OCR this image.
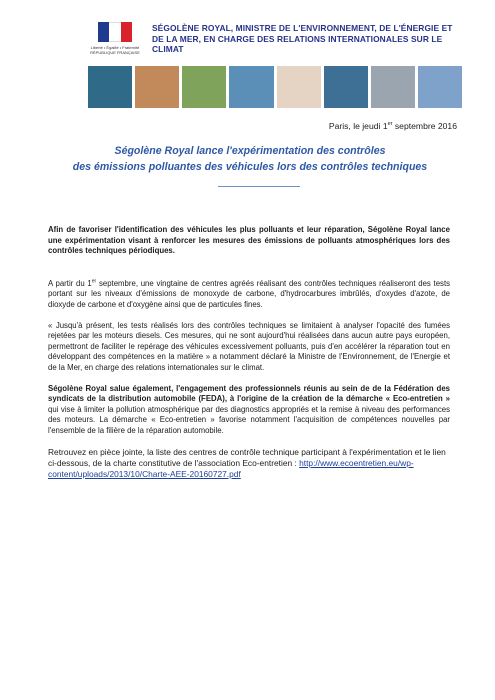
Liberté • Égalité • Fraternité RÉPUBLIQUE FRANÇAISE
SÉGOLÈNE ROYAL, MINISTRE DE L'ENVIRONNEMENT, DE L'ÉNERGIE ET DE LA MER, EN CHARGE DES RELATIONS INTERNATIONALES SUR LE CLIMAT
Paris, le jeudi 1er septembre 2016
Ségolène Royal lance l'expérimentation des contrôles
des émissions polluantes des véhicules lors des contrôles techniques

Afin de favoriser l'identification des véhicules les plus polluants et leur réparation, Ségolène Royal lance une expérimentation visant à renforcer les mesures des émissions de polluants atmosphériques lors des contrôles techniques périodiques.

A partir du 1er septembre, une vingtaine de centres agréés réalisant des contrôles techniques réaliseront des tests portant sur les niveaux d'émissions de monoxyde de carbone, d'hydrocarbures imbrûlés, d'oxydes d'azote, de dioxyde de carbone et d'oxygène ainsi que de particules fines.

« Jusqu'à présent, les tests réalisés lors des contrôles techniques se limitaient à analyser l'opacité des fumées rejetées par les moteurs diesels. Ces mesures, qui ne sont aujourd'hui réalisées dans aucun autre pays européen, permettront de faciliter le repérage des véhicules excessivement polluants, puis d'en accélérer la réparation tout en développant des compétences en la matière » a notamment déclaré la Ministre de l'Environnement, de l'Energie et de la Mer, en charge des relations internationales sur le climat.

Ségolène Royal salue également, l'engagement des professionnels réunis au sein de de la Fédération des syndicats de la distribution automobile (FEDA), à l'origine de la création de la démarche « Eco-entretien » qui vise à limiter la pollution atmosphérique par des diagnostics appropriés et la remise à niveau des performances des moteurs. La démarche « Eco-entretien » favorise notamment l'acquisition de compétences nouvelles par l'ensemble de la filière de la réparation automobile.

Retrouvez en pièce jointe, la liste des centres de contrôle technique participant à l'expérimentation et le lien ci-dessous, de la charte constitutive de l'association Eco-entretien : http://www.ecoentretien.eu/wp-content/uploads/2013/10/Charte-AEE-20160727.pdf
